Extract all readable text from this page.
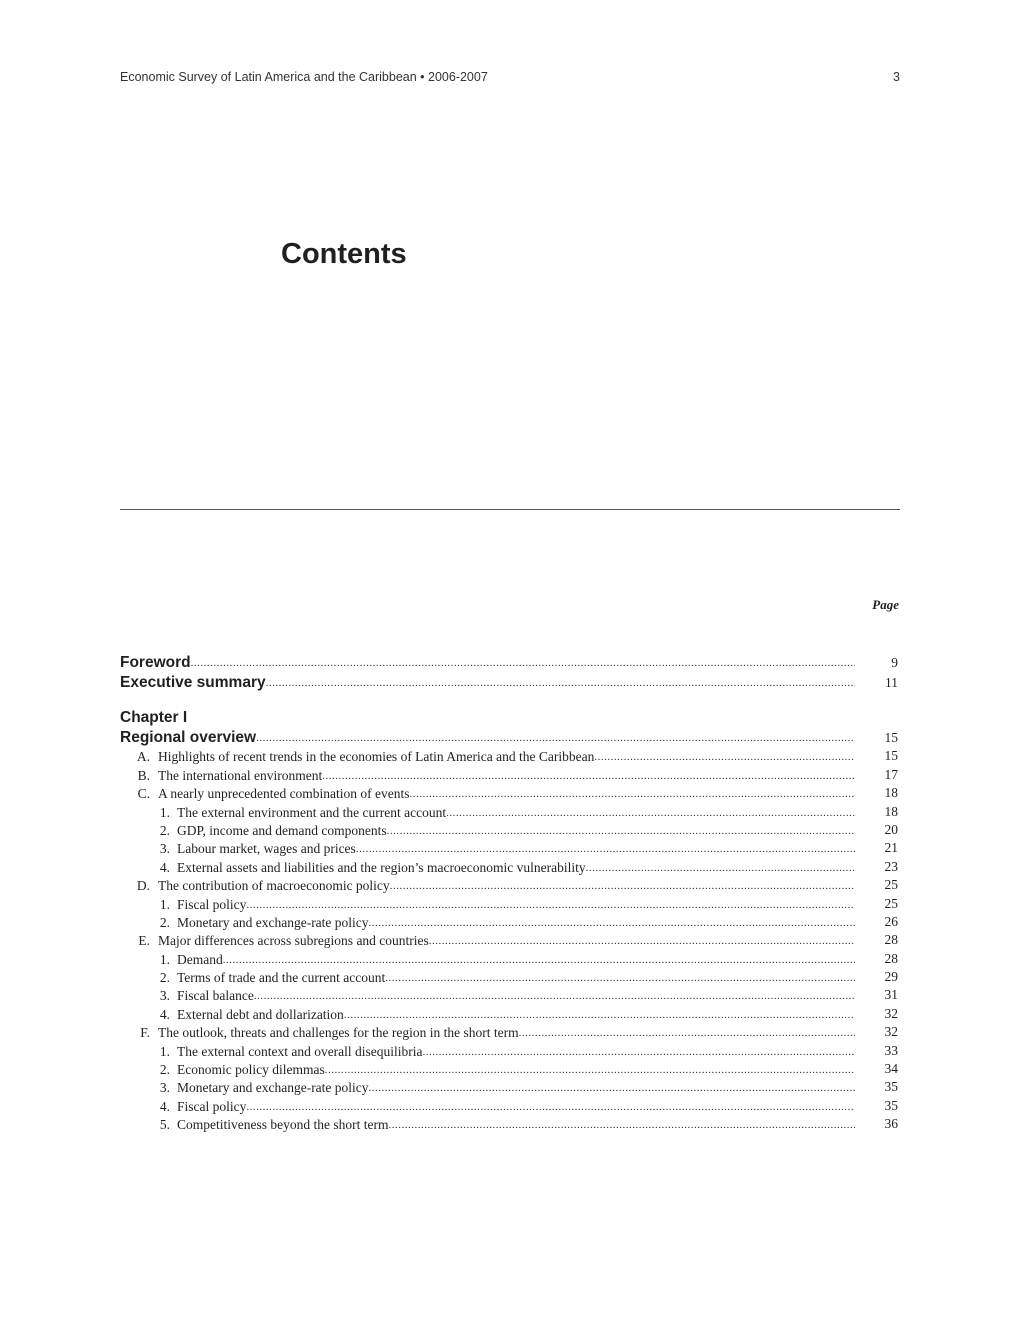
Economic Survey of Latin America and the Caribbean • 2006-2007	3
Contents
Page
Foreword .....	9
Executive summary .....	11
Chapter I
Regional overview .....	15
A. Highlights of recent trends in the economies of Latin America and the Caribbean .....	15
B. The international environment .....	17
C. A nearly unprecedented combination of events .....	18
1. The external environment and the current account .....	18
2. GDP, income and demand components .....	20
3. Labour market, wages and prices .....	21
4. External assets and liabilities and the region’s macroeconomic vulnerability .....	23
D. The contribution of macroeconomic policy .....	25
1. Fiscal policy .....	25
2. Monetary and exchange-rate policy .....	26
E. Major differences across subregions and countries .....	28
1. Demand .....	28
2. Terms of trade and the current account .....	29
3. Fiscal balance .....	31
4. External debt and dollarization .....	32
F. The outlook, threats and challenges for the region in the short term .....	32
1. The external context and overall disequilibria .....	33
2. Economic policy dilemmas .....	34
3. Monetary and exchange-rate policy .....	35
4. Fiscal policy .....	35
5. Competitiveness beyond the short term .....	36
